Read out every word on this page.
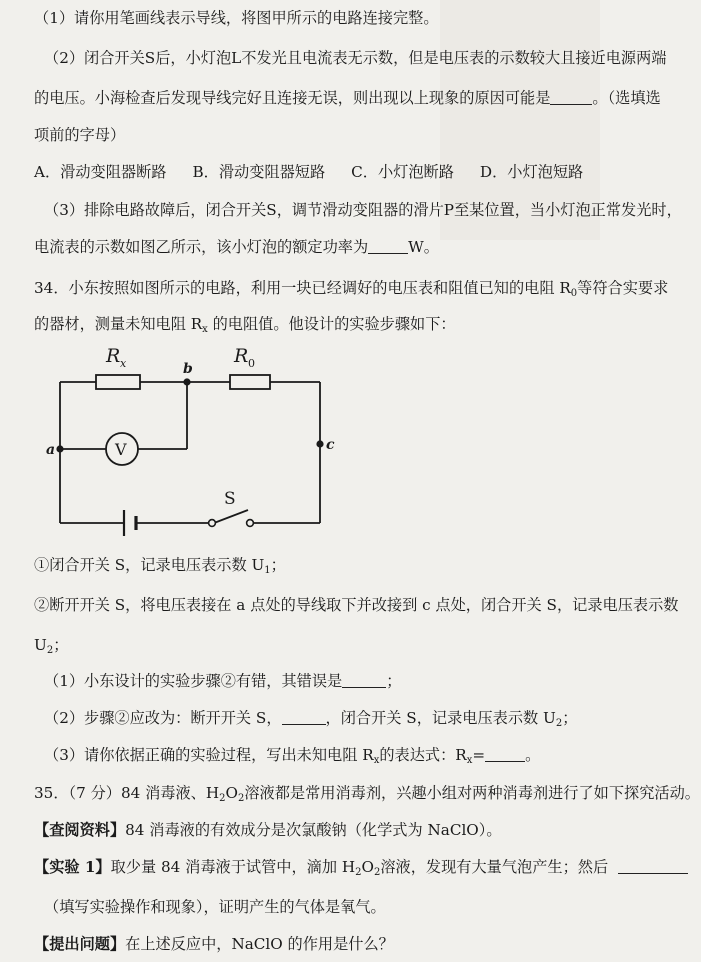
（1）请你用笔画线表示导线，将图甲所示的电路连接完整。
（2）闭合开关S后，小灯泡L不发光且电流表无示数，但是电压表的示数较大且接近电源两端
的电压。小海检查后发现导线完好且连接无误，则出现以上现象的原因可能是	。（选填选
项前的字母）
A．滑动变阻器断路 B．滑动变阻器短路 C．小灯泡断路 D．小灯泡短路
（3）排除电路故障后，闭合开关S，调节滑动变阻器的滑片P至某位置，当小灯泡正常发光时，
电流表的示数如图乙所示，该小灯泡的额定功率为	W。
34．小东按照如图所示的电路，利用一块已经调好的电压表和阻值已知的电阻 $R_0$等符合实要求
的器材，测量未知电阻 $R_x$ 的电阻值。他设计的实验步骤如下：
R x	R 0
b
a	c
V
S
①闭合开关 S，记录电压表示数 $U_1$；
②断开开关 S，将电压表接在 a 点处的导线取下并改接到 c 点处，闭合开关 S，记录电压表示数
$U_2$；
（1）小东设计的实验步骤②有错，其错误是	；
（2）步骤②应改为：断开开关 S，	，闭合开关 S，记录电压表示数 $U_2$；
（3）请你依据正确的实验过程，写出未知电阻 $R_x$的表达式：$R_x=$	。
35．（7 分）84 消毒液、$H_2O_2$溶液都是常用消毒剂，兴趣小组对两种消毒剂进行了如下探究活动。
【查阅资料】84 消毒液的有效成分是次氯酸钠（化学式为 NaClO）。
【实验 1】取少量 84 消毒液于试管中，滴加 $H_2O_2$溶液，发现有大量气泡产生；然后
（填写实验操作和现象），证明产生的气体是氧气。
【提出问题】在上述反应中，NaClO 的作用是什么？
